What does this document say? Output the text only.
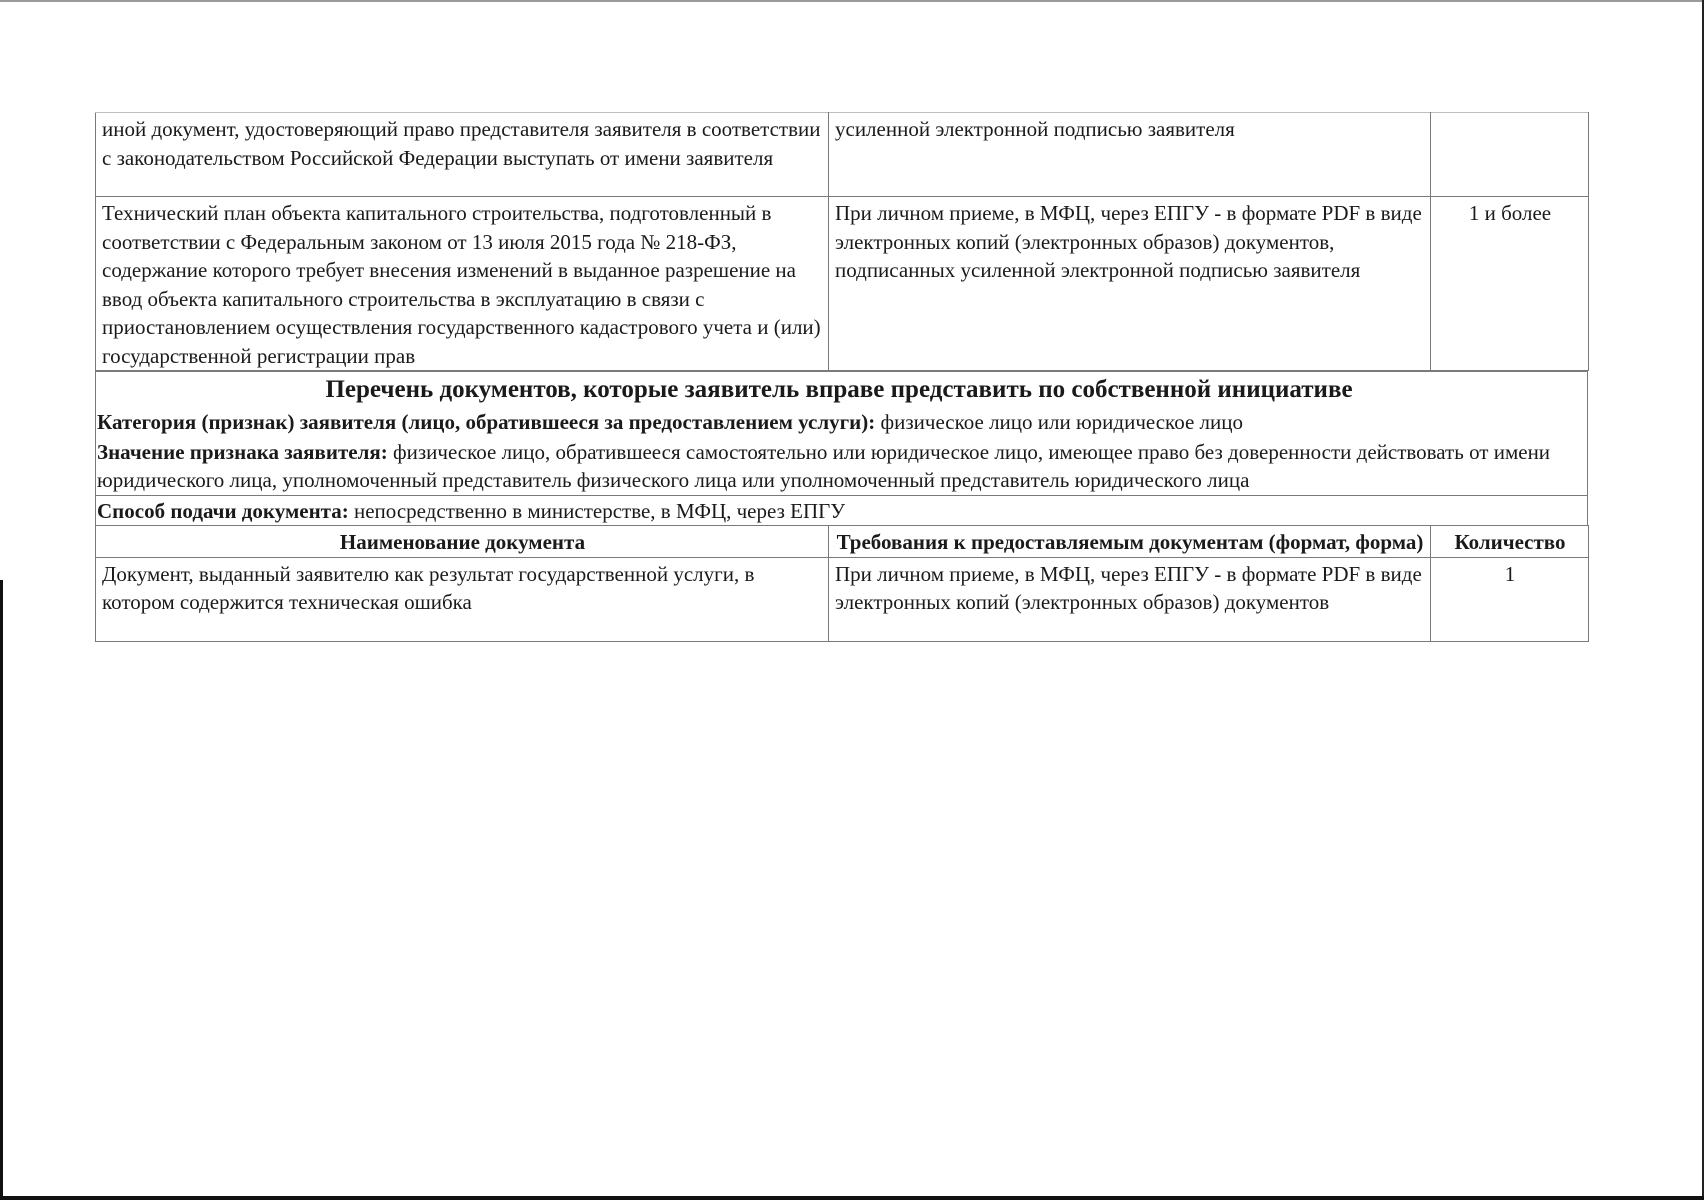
иной документ, удостоверяющий право представителя заявителя в соответствии с законодательством Российской Федерации выступать от имени заявителя	усиленной электронной подписью заявителя	
Технический план объекта капитального строительства, подготовленный в соответствии с Федеральным законом от 13 июля 2015 года № 218-ФЗ, содержание которого требует внесения изменений в выданное разрешение на ввод объекта капитального строительства в эксплуатацию в связи с приостановлением осуществления государственного кадастрового учета и (или) государственной регистрации прав	При личном приеме, в МФЦ, через ЕПГУ - в формате PDF в виде электронных копий (электронных образов) документов, подписанных усиленной электронной подписью заявителя	1 и более
Перечень документов, которые заявитель вправе представить по собственной инициативе
Категория (признак) заявителя (лицо, обратившееся за предоставлением услуги): физическое лицо или юридическое лицо
Значение признака заявителя: физическое лицо, обратившееся самостоятельно или юридическое лицо, имеющее право без доверенности действовать от имени юридического лица, уполномоченный представитель физического лица или уполномоченный представитель юридического лица
Способ подачи документа: непосредственно в министерстве, в МФЦ, через ЕПГУ
Наименование документа	Требования к предоставляемым документам (формат, форма)	Количество
Документ, выданный заявителю как результат государственной услуги, в котором содержится техническая ошибка	При личном приеме, в МФЦ, через ЕПГУ - в формате PDF в виде электронных копий (электронных образов) документов	1
